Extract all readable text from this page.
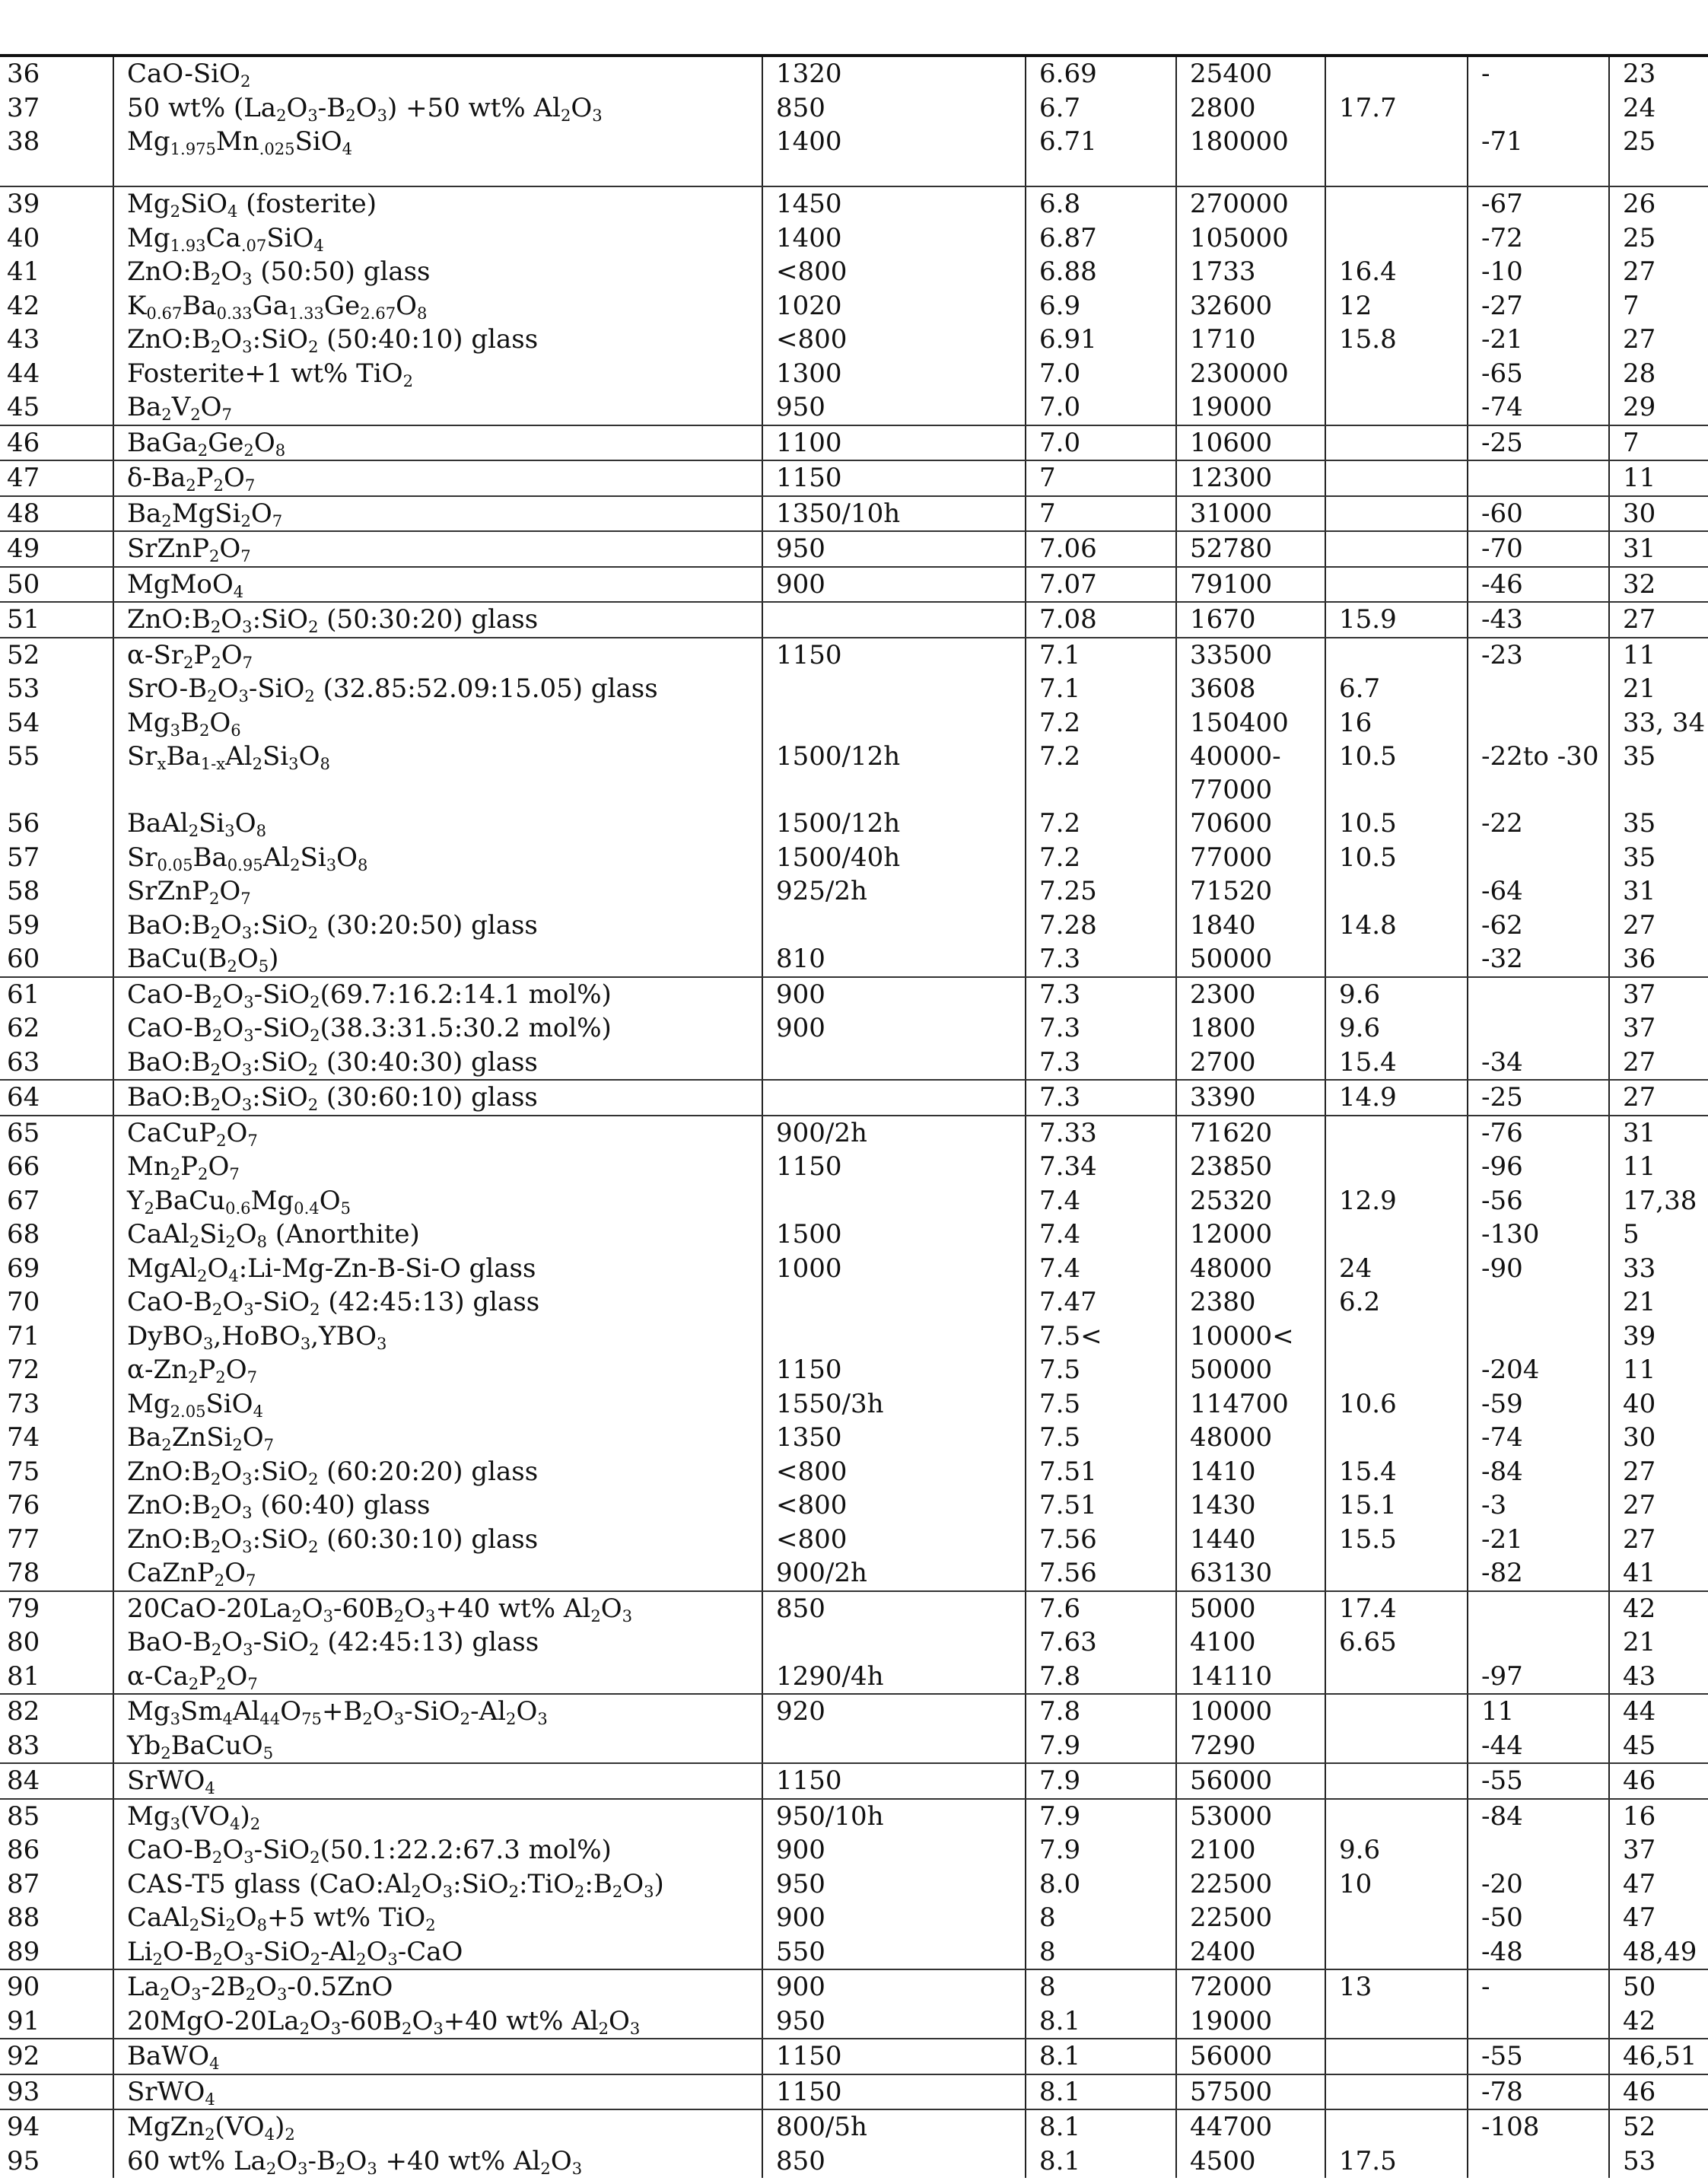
36	CaO-SiO$_2$	1320	6.69	25400		-	23
37	50 wt% $(La_2O_3-B_2O_3) +50$ wt% $Al_2O_3$	850	6.7	2800	17.7		24
38	$Mg_{1.975}Mn_{.025}SiO_4$	1400	6.71	180000		-71	25
39	$Mg_2SiO_4$ (fosterite)	1450	6.8	270000		-67	26
40	$Mg_{1.93}Ca_{.07}SiO_4$	1400	6.87	105000		-72	25
41	$ZnO:B_2O_3$ (50:50) glass	<800	6.88	1733	16.4	-10	27
42	$K_{0.67}Ba_{0.33}Ga_{1.33}Ge_{2.67}O_8$	1020	6.9	32600	12	-27	7
43	$ZnO:B_2O_3:SiO_2$ (50:40:10) glass	<800	6.91	1710	15.8	-21	27
44	Fosterite+1 wt% TiO$_2$	1300	7.0	230000		-65	28
45	$Ba_2V_2O_7$	950	7.0	19000		-74	29
46	$BaGa_2Ge_2O_8$	1100	7.0	10600		-25	7
47	$\delta-Ba_2P_2O_7$	1150	7	12300			11
48	$Ba_2MgSi_2O_7$	1350/10h	7	31000		-60	30
49	$SrZnP_2O_7$	950	7.06	52780		-70	31
50	MgMoO$_4$	900	7.07	79100		-46	32
51	$ZnO:B_2O_3:SiO_2$ (50:30:20) glass		7.08	1670	15.9	-43	27
52	$\alpha-Sr_2P_2O_7$	1150	7.1	33500		-23	11
53	SrO-$B_2O_3-SiO_2$ (32.85:52.09:15.05) glass		7.1	3608	6.7		21
54	$Mg_3B_2O_6$		7.2	150400	16		33, 34
55	$Sr_xBa_{1-x}Al_2Si_3O_8$	1500/12h	7.2	40000-77000	10.5	-22to -30	35
56	$BaAl_2Si_3O_8$	1500/12h	7.2	70600	10.5	-22	35
57	$Sr_{0.05}Ba_{0.95}Al_2Si_3O_8$	1500/40h	7.2	77000	10.5		35
58	$SrZnP_2O_7$	925/2h	7.25	71520		-64	31
59	$BaO:B_2O_3:SiO_2$ (30:20:50) glass		7.28	1840	14.8	-62	27
60	$BaCu(B_2O_5)$	810	7.3	50000		-32	36
61	CaO-$B_2O_3-SiO_2(69.7:16.2:14.1$ mol%)	900	7.3	2300	9.6		37
62	CaO-$B_2O_3-SiO_2(38.3:31.5:30.2$ mol%)	900	7.3	1800	9.6		37
63	$BaO:B_2O_3:SiO_2$ (30:40:30) glass		7.3	2700	15.4	-34	27
64	$BaO:B_2O_3:SiO_2$ (30:60:10) glass		7.3	3390	14.9	-25	27
65	$CaCuP_2O_7$	900/2h	7.33	71620		-76	31
66	$Mn_2P_2O_7$	1150	7.34	23850		-96	11
67	$Y_2BaCu_{0.6}Mg_{0.4}O_5$		7.4	25320	12.9	-56	17,38
68	$CaAl_2Si_2O_8$ (Anorthite)	1500	7.4	12000		-130	5
69	$MgAl_2O_4:Li-Mg-Zn-B-Si-O$ glass	1000	7.4	48000	24	-90	33
70	CaO-$B_2O_3-SiO_2$ (42:45:13) glass		7.47	2380	6.2		21
71	$DyBO_3,HoBO_3,YBO_3$		7.5<	10000<			39
72	$\alpha-Zn_2P_2O_7$	1150	7.5	50000		-204	11
73	$Mg_{2.05}SiO_4$	1550/3h	7.5	114700	10.6	-59	40
74	$Ba_2ZnSi_2O_7$	1350	7.5	48000		-74	30
75	$ZnO:B_2O_3:SiO_2$ (60:20:20) glass	<800	7.51	1410	15.4	-84	27
76	$ZnO:B_2O_3$ (60:40) glass	<800	7.51	1430	15.1	-3	27
77	$ZnO:B_2O_3:SiO_2$ (60:30:10) glass	<800	7.56	1440	15.5	-21	27
78	$CaZnP_2O_7$	900/2h	7.56	63130		-82	41
79	$20CaO-20La_2O_3-60B_2O_3+40$ wt% $Al_2O_3$	850	7.6	5000	17.4		42
80	BaO-$B_2O_3-SiO_2$ (42:45:13) glass		7.63	4100	6.65		21
81	$\alpha-Ca_2P_2O_7$	1290/4h	7.8	14110		-97	43
82	$Mg_3Sm_4Al_{44}O_{75}+B_2O_3-SiO_2-Al_2O_3$	920	7.8	10000		11	44
83	$Yb_2BaCuO_5$		7.9	7290		-44	45
84	SrWO$_4$	1150	7.9	56000		-55	46
85	$Mg_3(VO_4)_2$	950/10h	7.9	53000		-84	16
86	CaO-$B_2O_3-SiO_2(50.1:22.2:67.3$ mol%)	900	7.9	2100	9.6		37
87	CAS-T5 glass $(CaO:Al_2O_3:SiO_2:TiO_2:B_2O_3)$	950	8.0	22500	10	-20	47
88	$CaAl_2Si_2O_8+5$ wt% TiO$_2$	900	8	22500		-50	47
89	$Li_2O-B_2O_3-SiO_2-Al_2O_3$-CaO	550	8	2400		-48	48,49
90	$La_2O_3-2B_2O_3-0.5ZnO$	900	8	72000	13	-	50
91	$20MgO-20La_2O_3-60B_2O_3+40$ wt% $Al_2O_3$	950	8.1	19000			42
92	BaWO$_4$	1150	8.1	56000		-55	46,51
93	SrWO$_4$	1150	8.1	57500		-78	46
94	$MgZn_2(VO_4)_2$	800/5h	8.1	44700		-108	52
95	60 wt% $La_2O_3-B_2O_3 +40$ wt% $Al_2O_3$	850	8.1	4500	17.5		53
